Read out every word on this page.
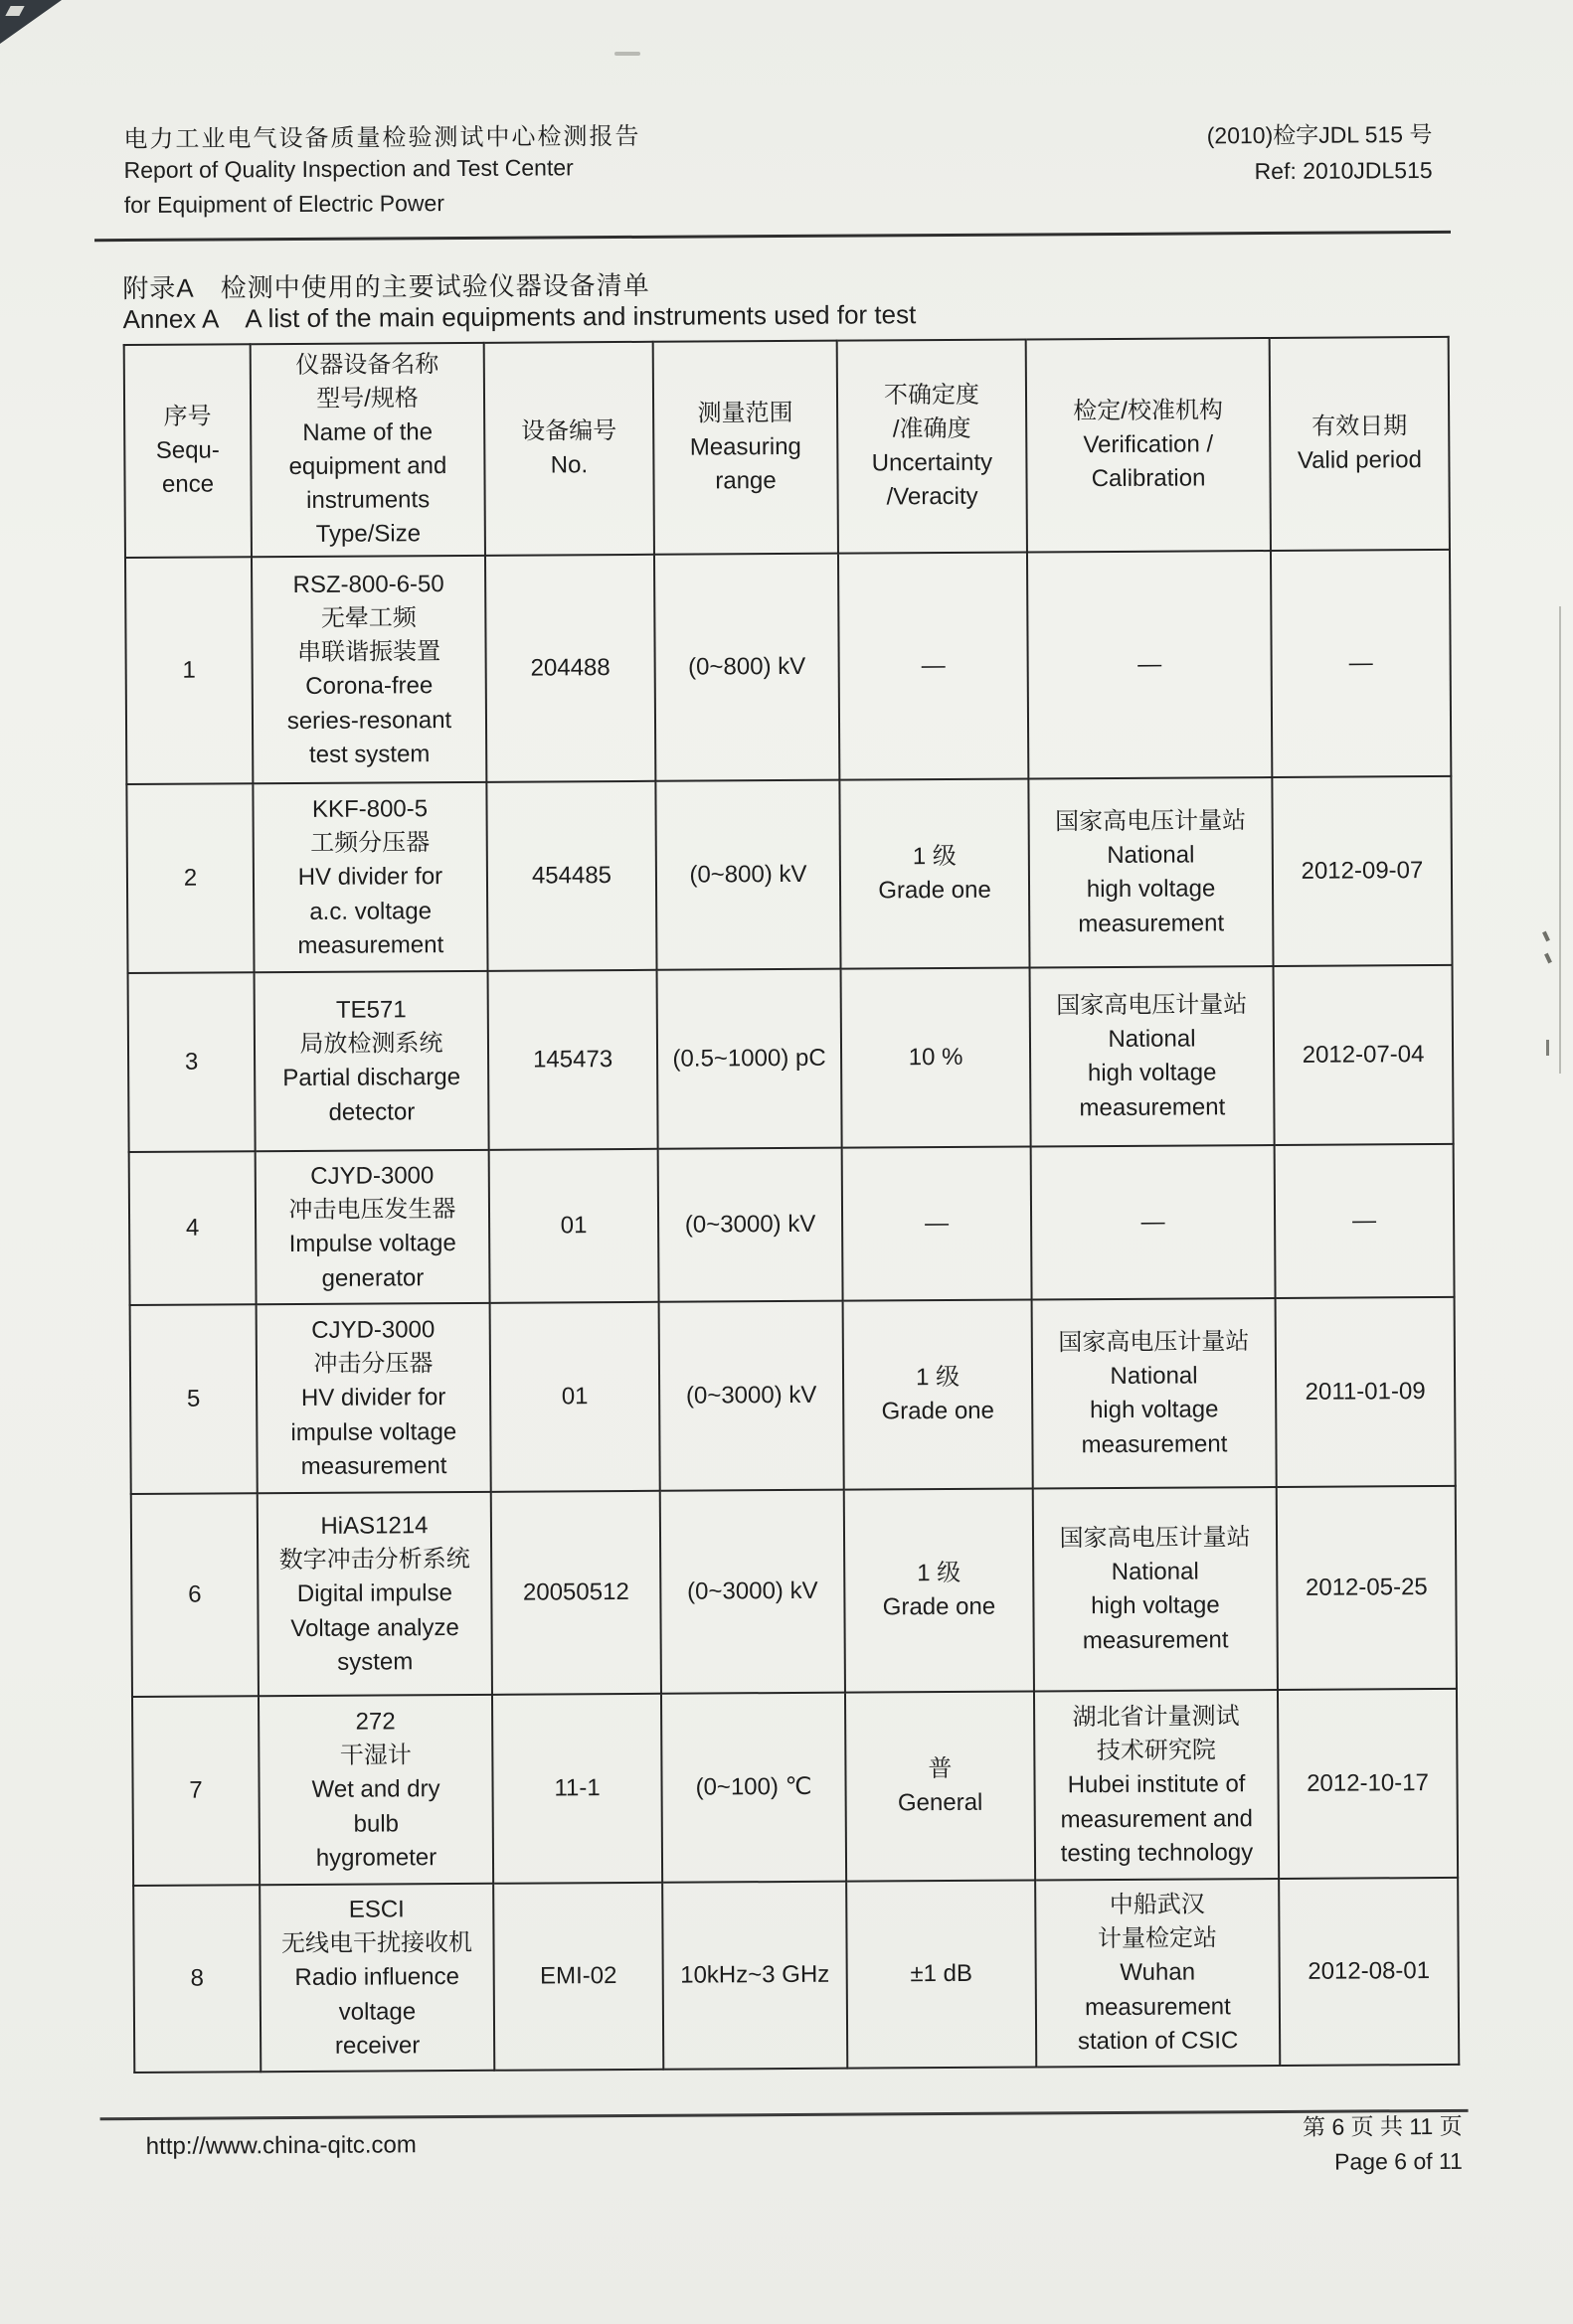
电力工业电气设备质量检验测试中心检测报告
Report of Quality Inspection and Test Center
for Equipment of Electric Power
(2010)检字JDL 515 号
Ref: 2010JDL515
附录A 检测中使用的主要试验仪器设备清单
Annex A A list of the main equipments and instruments used for test
序号
Sequ-
ence	仪器设备名称
型号/规格
Name of the
equipment and
instruments
Type/Size	设备编号
No.	测量范围
Measuring
range	不确定度
/准确度
Uncertainty
/Veracity	检定/校准机构
Verification /
Calibration	有效日期
Valid period
1	RSZ-800-6-50
无晕工频
串联谐振装置
Corona-free
series-resonant
test system	204488	(0~800) kV	—	—	—
2	KKF-800-5
工频分压器
HV divider for
a.c. voltage
measurement	454485	(0~800) kV	1 级
Grade one	国家高电压计量站
National
high voltage
measurement	2012-09-07
3	TE571
局放检测系统
Partial discharge
detector	145473	(0.5~1000) pC	10 %	国家高电压计量站
National
high voltage
measurement	2012-07-04
4	CJYD-3000
冲击电压发生器
Impulse voltage
generator	01	(0~3000) kV	—	—	—
5	CJYD-3000
冲击分压器
HV divider for
impulse voltage
measurement	01	(0~3000) kV	1 级
Grade one	国家高电压计量站
National
high voltage
measurement	2011-01-09
6	HiAS1214
数字冲击分析系统
Digital impulse
Voltage analyze
system	20050512	(0~3000) kV	1 级
Grade one	国家高电压计量站
National
high voltage
measurement	2012-05-25
7	272
干湿计
Wet and dry
bulb
hygrometer	11-1	(0~100) ℃	普
General	湖北省计量测试
技术研究院
Hubei institute of
measurement and
testing technology	2012-10-17
8	ESCI
无线电干扰接收机
Radio influence
voltage
receiver	EMI-02	10kHz~3 GHz	±1 dB	中船武汉
计量检定站
Wuhan
measurement
station of CSIC	2012-08-01
http://www.china-qitc.com
第 6 页 共 11 页
Page 6 of 11
